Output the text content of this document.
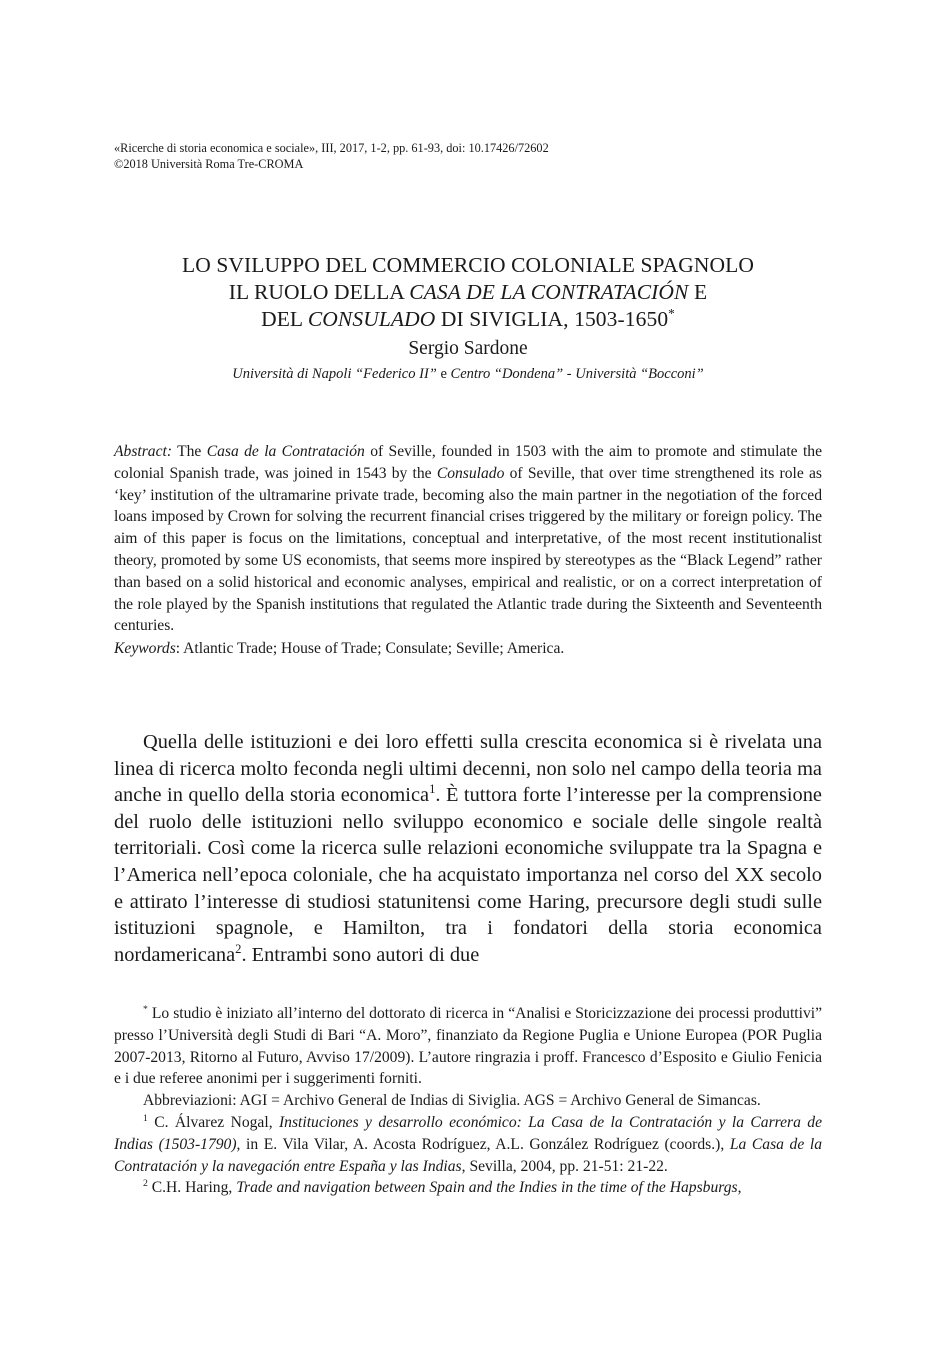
«Ricerche di storia economica e sociale», III, 2017, 1-2, pp. 61-93, doi: 10.17426/72602
©2018 Università Roma Tre-CROMA
LO SVILUPPO DEL COMMERCIO COLONIALE SPAGNOLO
IL RUOLO DELLA CASA DE LA CONTRATACIÓN E
DEL CONSULADO DI SIVIGLIA, 1503-1650*
Sergio Sardone
Università di Napoli “Federico II” e Centro “Dondena” - Università “Bocconi”

Abstract: The Casa de la Contratación of Seville, founded in 1503 with the aim to promote and stimulate the colonial Spanish trade, was joined in 1543 by the Consulado of Seville, that over time strengthened its role as ‘key’ institution of the ultramarine private trade, becoming also the main partner in the negotiation of the forced loans imposed by Crown for solving the recurrent financial crises triggered by the military or foreign policy. The aim of this paper is focus on the limitations, conceptual and interpretative, of the most recent institutionalist theory, promoted by some US economists, that seems more inspired by stereotypes as the “Black Legend” rather than based on a solid historical and economic analyses, empirical and realistic, or on a correct interpretation of the role played by the Spanish institutions that regulated the Atlantic trade during the Sixteenth and Seventeenth centuries.

Keywords: Atlantic Trade; House of Trade; Consulate; Seville; America.

Quella delle istituzioni e dei loro effetti sulla crescita economica si è rivelata una linea di ricerca molto feconda negli ultimi decenni, non solo nel campo della teoria ma anche in quello della storia economica$^1$. È tuttora forte l’interesse per la comprensione del ruolo delle istituzioni nello sviluppo economico e sociale delle singole realtà territoriali. Così come la ricerca sulle relazioni economiche sviluppate tra la Spagna e l’America nell’epoca coloniale, che ha acquistato importanza nel corso del XX secolo e attirato l’interesse di studiosi statunitensi come Haring, precursore degli studi sulle istituzioni spagnole, e Hamilton, tra i fondatori della storia economica nordamericana$^2$. Entrambi sono autori di due

* Lo studio è iniziato all’interno del dottorato di ricerca in “Analisi e Storicizzazione dei processi produttivi” presso l’Università degli Studi di Bari “A. Moro”, finanziato da Regione Puglia e Unione Europea (POR Puglia 2007-2013, Ritorno al Futuro, Avviso 17/2009). L’autore ringrazia i proff. Francesco d’Esposito e Giulio Fenicia e i due referee anonimi per i suggerimenti forniti.

Abbreviazioni: AGI = Archivo General de Indias di Siviglia. AGS = Archivo General de Simancas.

$^1$ C. Álvarez Nogal, Instituciones y desarrollo económico: La Casa de la Contratación y la Carrera de Indias (1503-1790), in E. Vila Vilar, A. Acosta Rodríguez, A.L. González Rodríguez (coords.), La Casa de la Contratación y la navegación entre España y las Indias, Sevilla, 2004, pp. 21-51: 21-22.

$^2$ C.H. Haring, Trade and navigation between Spain and the Indies in the time of the Hapsburgs,
